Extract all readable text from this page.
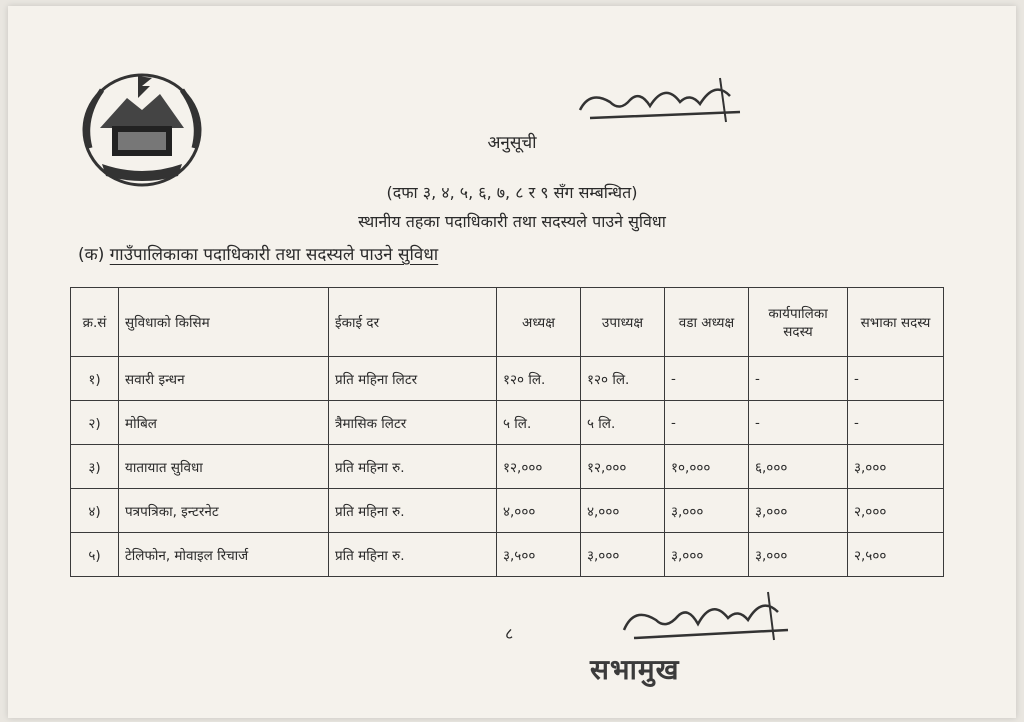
अनुसूची
(दफा ३, ४, ५, ६, ७, ८ र ९ सँग सम्बन्धित)
स्थानीय तहका पदाधिकारी तथा सदस्यले पाउने सुविधा
(क) गाउँपालिकाका पदाधिकारी तथा सदस्यले पाउने सुविधा
क्र.सं	सुविधाको किसिम	ईकाई दर	अध्यक्ष	उपाध्यक्ष	वडा अध्यक्ष	कार्यपालिका सदस्य	सभाका सदस्य
१)	सवारी इन्धन	प्रति महिना लिटर	१२० लि.	१२० लि.	-	-	-
२)	मोबिल	त्रैमासिक लिटर	५ लि.	५ लि.	-	-	-
३)	यातायात सुविधा	प्रति महिना रु.	१२,०००	१२,०००	१०,०००	६,०००	३,०००
४)	पत्रपत्रिका, इन्टरनेट	प्रति महिना रु.	४,०००	४,०००	३,०००	३,०००	२,०००
५)	टेलिफोन, मोवाइल रिचार्ज	प्रति महिना रु.	३,५००	३,०००	३,०००	३,०००	२,५००
८
सभामुख
